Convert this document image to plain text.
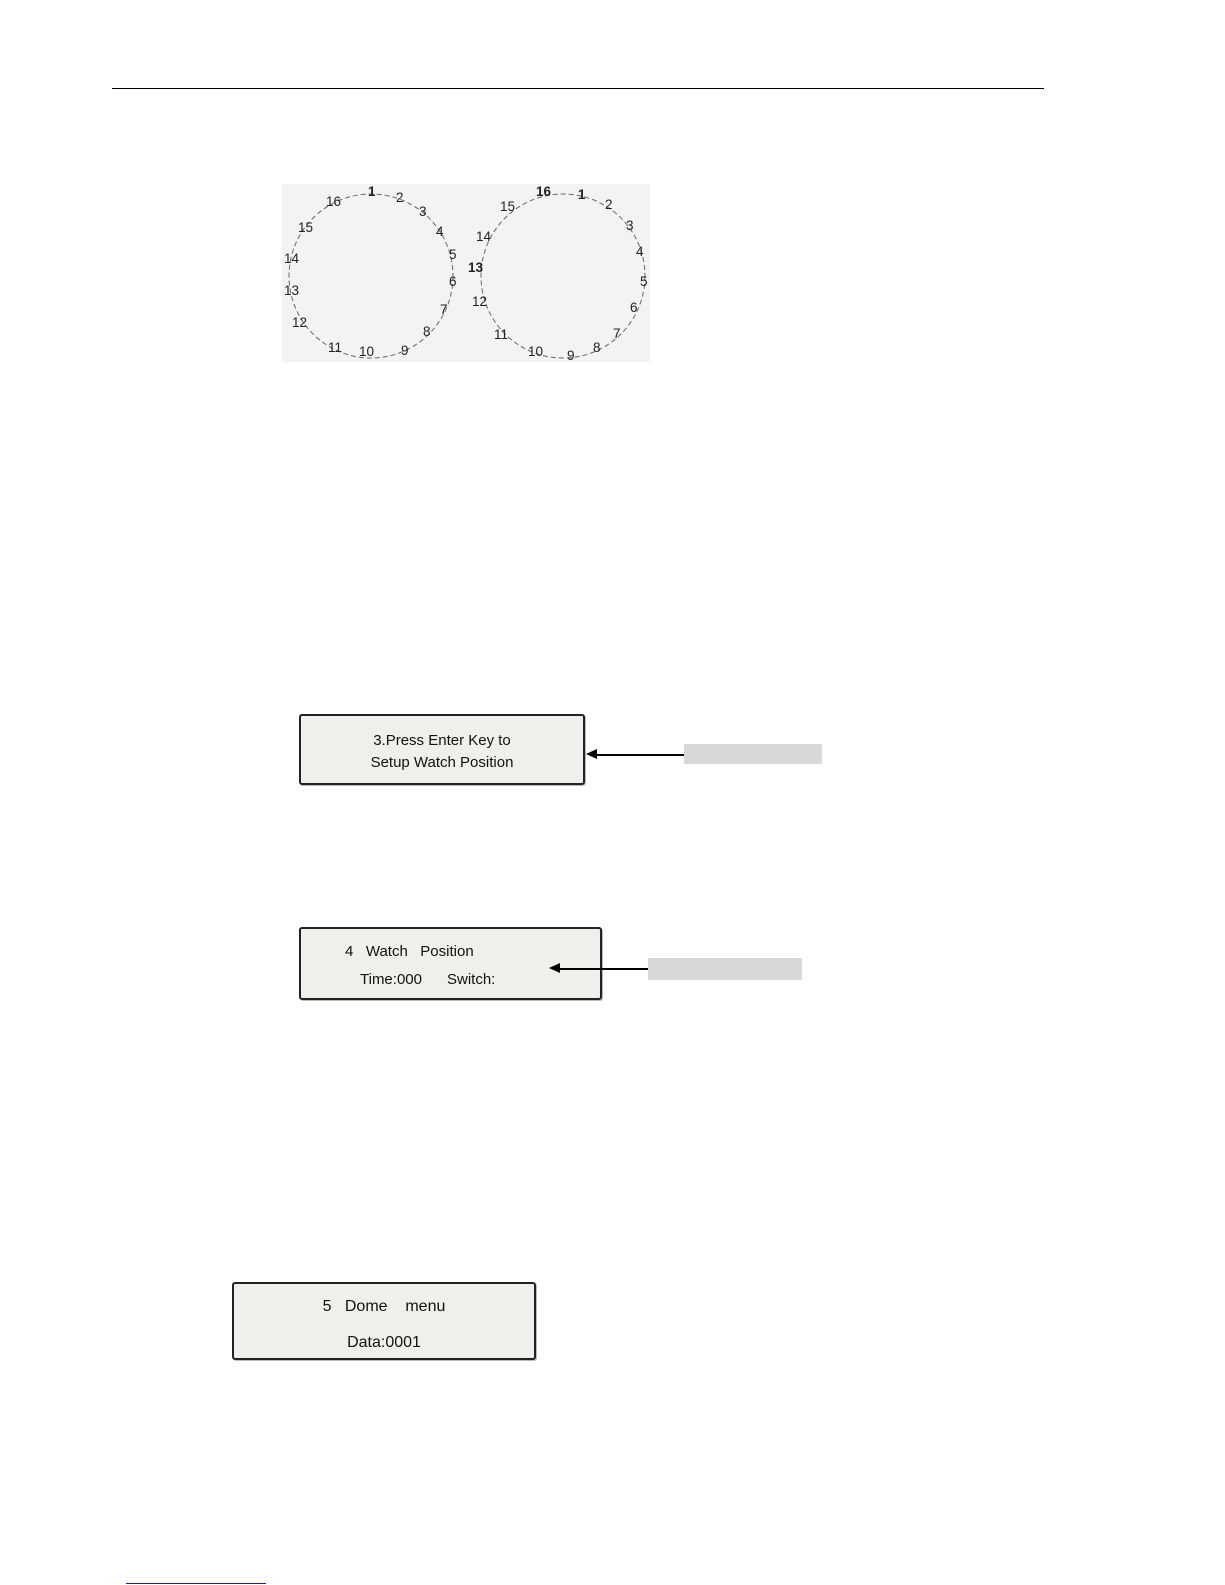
1 2
3
4
5
6
7
8
9
10
11
12
13
14
15
16
16 1
2
3
4
5
6
7
8
9
10
11
12
13
14
15
3.Press Enter Key to
Setup Watch Position
4   Watch   Position
Time:000      Switch:
5   Dome    menu
Data:0001
